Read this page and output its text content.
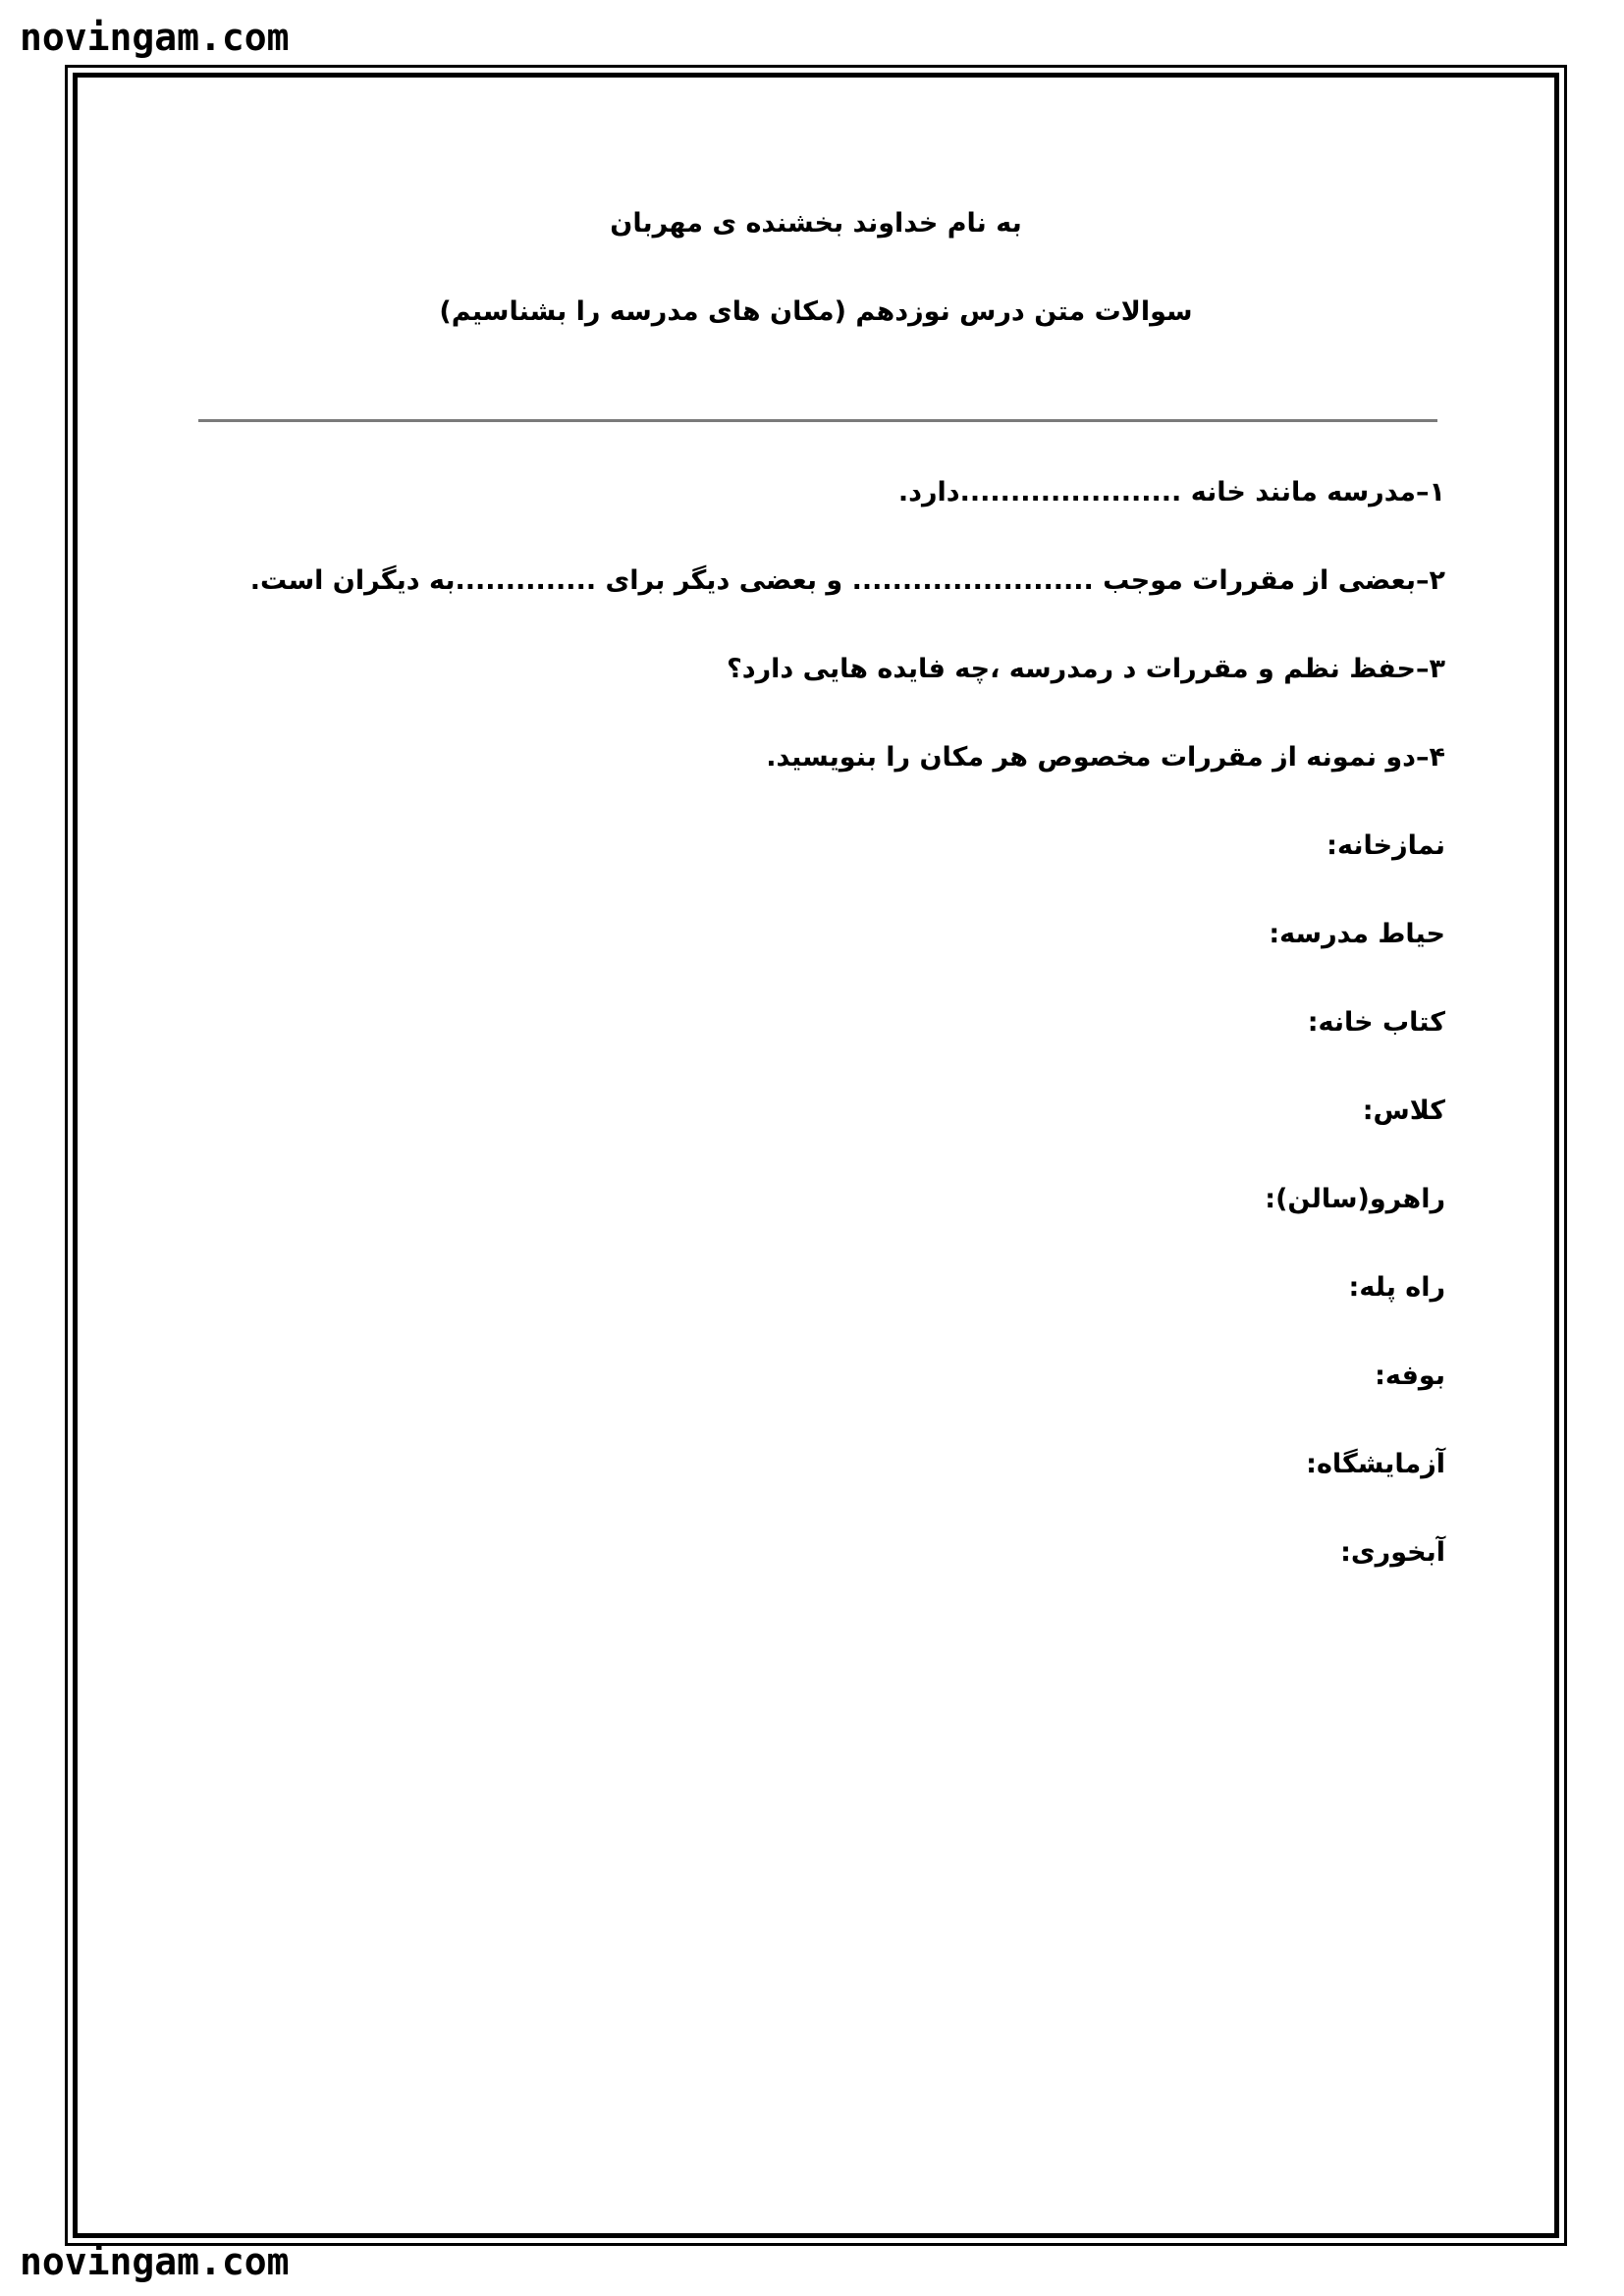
novingam.com
به نام خداوند بخشنده ی مهربان
سوالات متن درس نوزدهم (مکان های مدرسه را بشناسیم)
۱–مدرسه مانند خانه ......................دارد.
۲–بعضی از مقررات موجب ........................ و بعضی دیگر برای ..............به دیگران است.
۳–حفظ نظم و مقررات د رمدرسه ،چه فایده هایی دارد؟
۴–دو نمونه از مقررات مخصوص هر مکان را بنویسید.
نمازخانه:
حیاط مدرسه:
کتاب خانه:
کلاس:
راهرو(سالن):
راه پله:
بوفه:
آزمایشگاه:
آبخوری:
novingam.com
